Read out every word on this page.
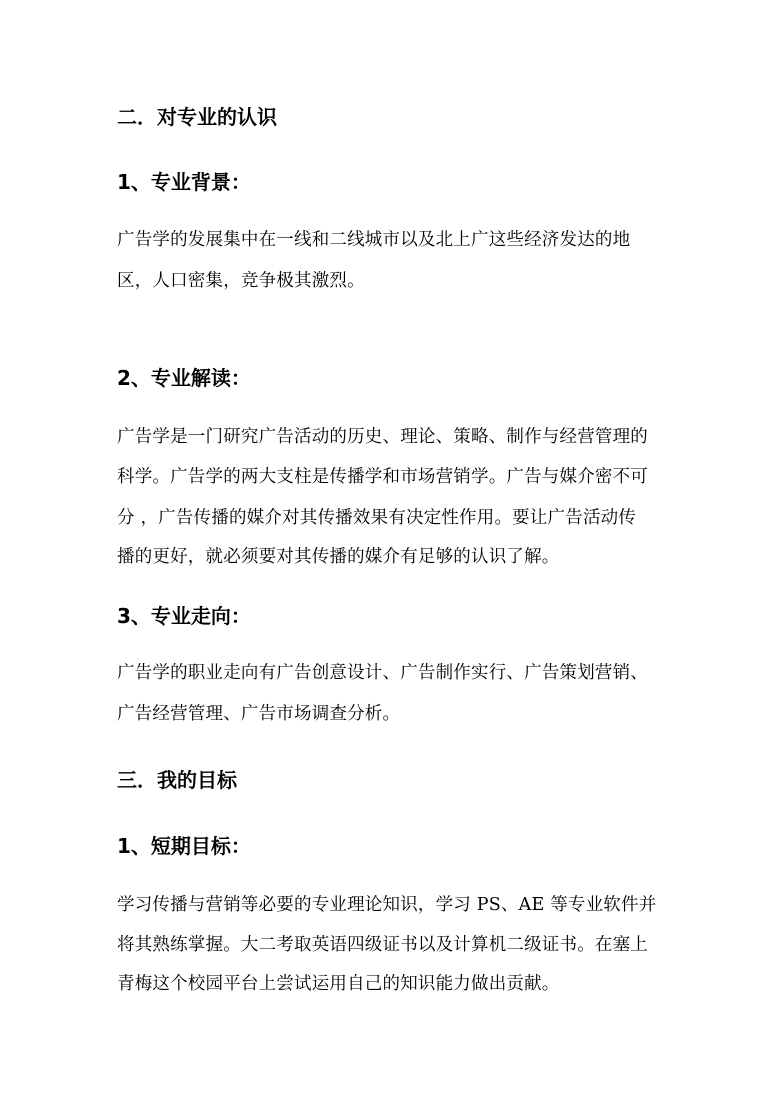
二．对专业的认识
1、专业背景：

广告学的发展集中在一线和二线城市以及北上广这些经济发达的地

区，人口密集，竞争极其激烈。

2、专业解读：

广告学是一门研究广告活动的历史、理论、策略、制作与经营管理的

科学。广告学的两大支柱是传播学和市场营销学。广告与媒介密不可

分 ，广告传播的媒介对其传播效果有决定性作用。要让广告活动传

播的更好，就必须要对其传播的媒介有足够的认识了解。

3、专业走向：

广告学的职业走向有广告创意设计、广告制作实行、广告策划营销、

广告经营管理、广告市场调查分析。

三．我的目标
1、短期目标：

学习传播与营销等必要的专业理论知识，学习 PS、AE 等专业软件并

将其熟练掌握。大二考取英语四级证书以及计算机二级证书。在塞上

青梅这个校园平台上尝试运用自己的知识能力做出贡献。
